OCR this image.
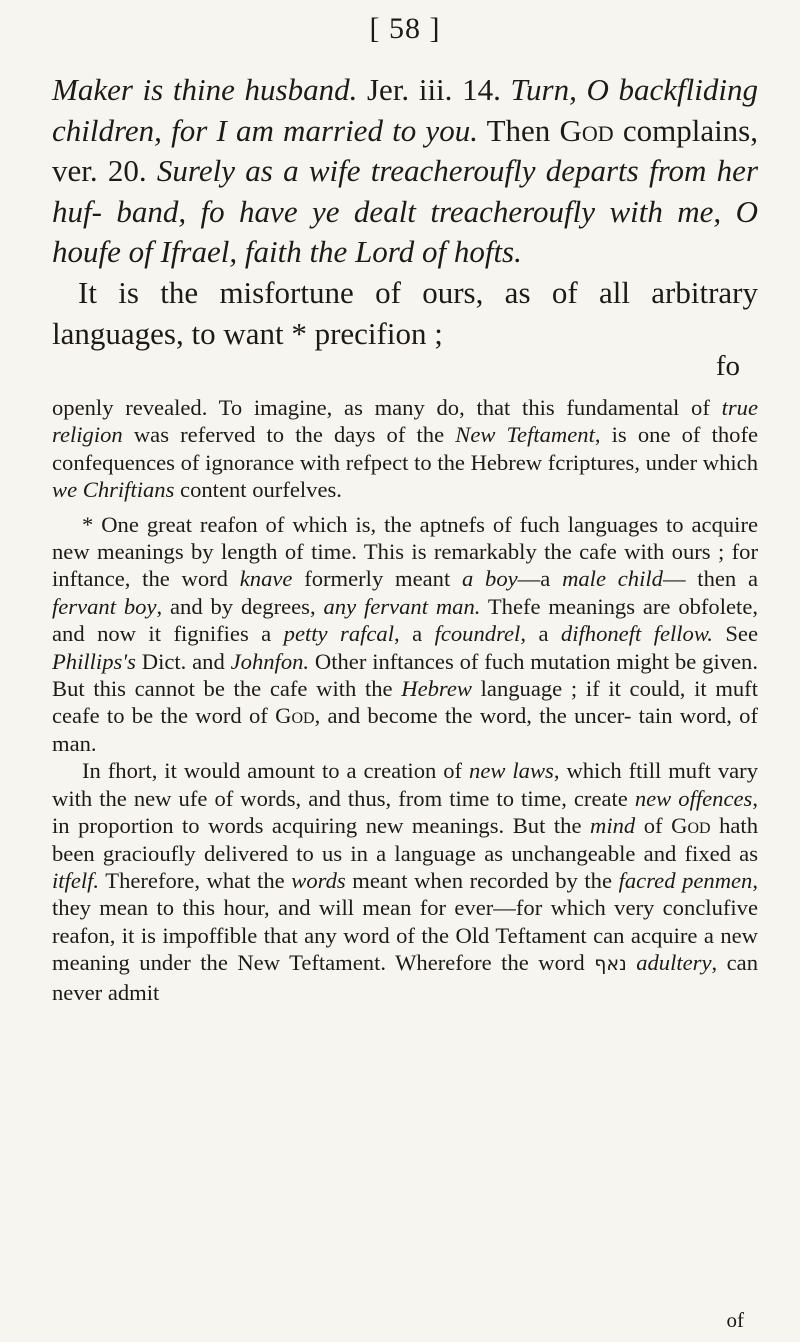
[ 58 ]

Maker is thine husband. Jer. iii. 14. Turn, O backfliding children, for I am married to you. Then God complains, ver. 20. Surely as a wife treacheroufly departs from her huf- band, fo have ye dealt treacheroufly with me, O houfe of Ifrael, faith the Lord of hofts.

It is the misfortune of ours, as of all arbitrary languages, to want * precifion ;

fo

openly revealed. To imagine, as many do, that this fundamental of true religion was referved to the days of the New Teftament, is one of thofe confequences of ignorance with refpect to the Hebrew fcriptures, under which we Chriftians content ourfelves.

* One great reafon of which is, the aptnefs of fuch languages to acquire new meanings by length of time. This is remarkably the cafe with ours ; for inftance, the word knave formerly meant a boy—a male child— then a fervant boy, and by degrees, any fervant man. Thefe meanings are obfolete, and now it fignifies a petty rafcal, a fcoundrel, a difhoneft fellow. See Phillips's Dict. and Johnfon. Other inftances of fuch mutation might be given. But this cannot be the cafe with the Hebrew language ; if it could, it muft ceafe to be the word of God, and become the word, the uncer- tain word, of man.

In fhort, it would amount to a creation of new laws, which ftill muft vary with the new ufe of words, and thus, from time to time, create new offences, in proportion to words acquiring new meanings. But the mind of God hath been gracioufly delivered to us in a language as unchangeable and fixed as itfelf. Therefore, what the words meant when recorded by the facred penmen, they mean to this hour, and will mean for ever—for which very conclufive reafon, it is impoffible that any word of the Old Teftament can acquire a new meaning under the New Teftament. Wherefore the word נאף adultery, can never admit

of
